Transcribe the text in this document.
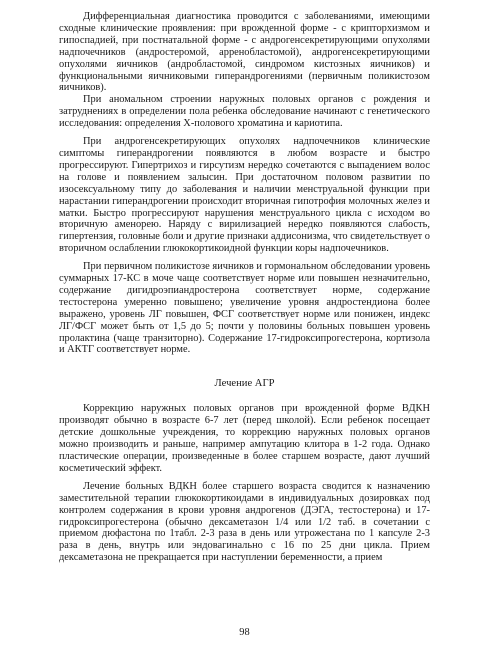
Дифференциальная диагностика проводится с заболеваниями, имеющими сходные клинические проявления: при врожденной форме - с крипторхизмом и гипоспадией, при постнатальной форме - с андрогенсекретирующими опухолями надпочечников (андростеромой, арренобластомой), андрогенсекретирующими опухолями яичников (андробластомой, синдромом кистозных яичников) и функциональными яичниковыми гиперандрогениями (первичным поликистозом яичников).

При аномальном строении наружных половых органов с рождения и затруднениях в определении пола ребенка обследование начинают с генетического исследования: определения Х-полового хроматина и кариотипа.

При андрогенсекретирующих опухолях надпочечников клинические симптомы гиперандрогении появляются в любом возрасте и быстро прогрессируют. Гипертрихоз и гирсутизм нередко сочетаются с выпадением волос на голове и появлением залысин. При достаточном половом развитии по изосексуальному типу до заболевания и наличии менструальной функции при нарастании гиперандрогении происходит вторичная гипотрофия молочных желез и матки. Быстро прогрессируют нарушения менструального цикла с исходом во вторичную аменорею. Наряду с вирилизацией нередко появляются слабость, гипертензия, головные боли и другие признаки аддисонизма, что свидетельствует о вторичном ослаблении глюкокортикоидной функции коры надпочечников.

При первичном поликистозе яичников и гормональном обследовании уровень суммарных 17-КС в моче чаще соответствует норме или повышен незначительно, содержание дигидроэпиандростерона соответствует норме, содержание тестостерона умеренно повышено; увеличение уровня андростендиона более выражено, уровень ЛГ повышен, ФСГ соответствует норме или понижен, индекс ЛГ/ФСГ может быть от 1,5 до 5; почти у половины больных повышен уровень пролактина (чаще транзиторно). Содержание 17-гидроксипрогестерона, кортизола и АКТГ соответствует норме.

Лечение АГР

Коррекцию наружных половых органов при врожденной форме ВДКН производят обычно в возрасте 6-7 лет (перед школой). Если ребенок посещает детские дошкольные учреждения, то коррекцию наружных половых органов можно производить и раньше, например ампутацию клитора в 1-2 года. Однако пластические операции, произведенные в более старшем возрасте, дают лучший косметический эффект.

Лечение больных ВДКН более старшего возраста сводится к назначению заместительной терапии глюкокортикоидами в индивидуальных дозировках под контролем содержания в крови уровня андрогенов (ДЭГА, тестостерона) и 17- гидроксипрогестерона (обычно дексаметазон 1/4 или 1/2 таб. в сочетании с приемом дюфастона по 1табл. 2-3 раза в день или утрожестана по 1 капсуле 2-3 раза в день, внутрь или эндовагинально с 16 по 25 дни цикла. Прием дексаметазона не прекращается при наступлении беременности, а прием

98
